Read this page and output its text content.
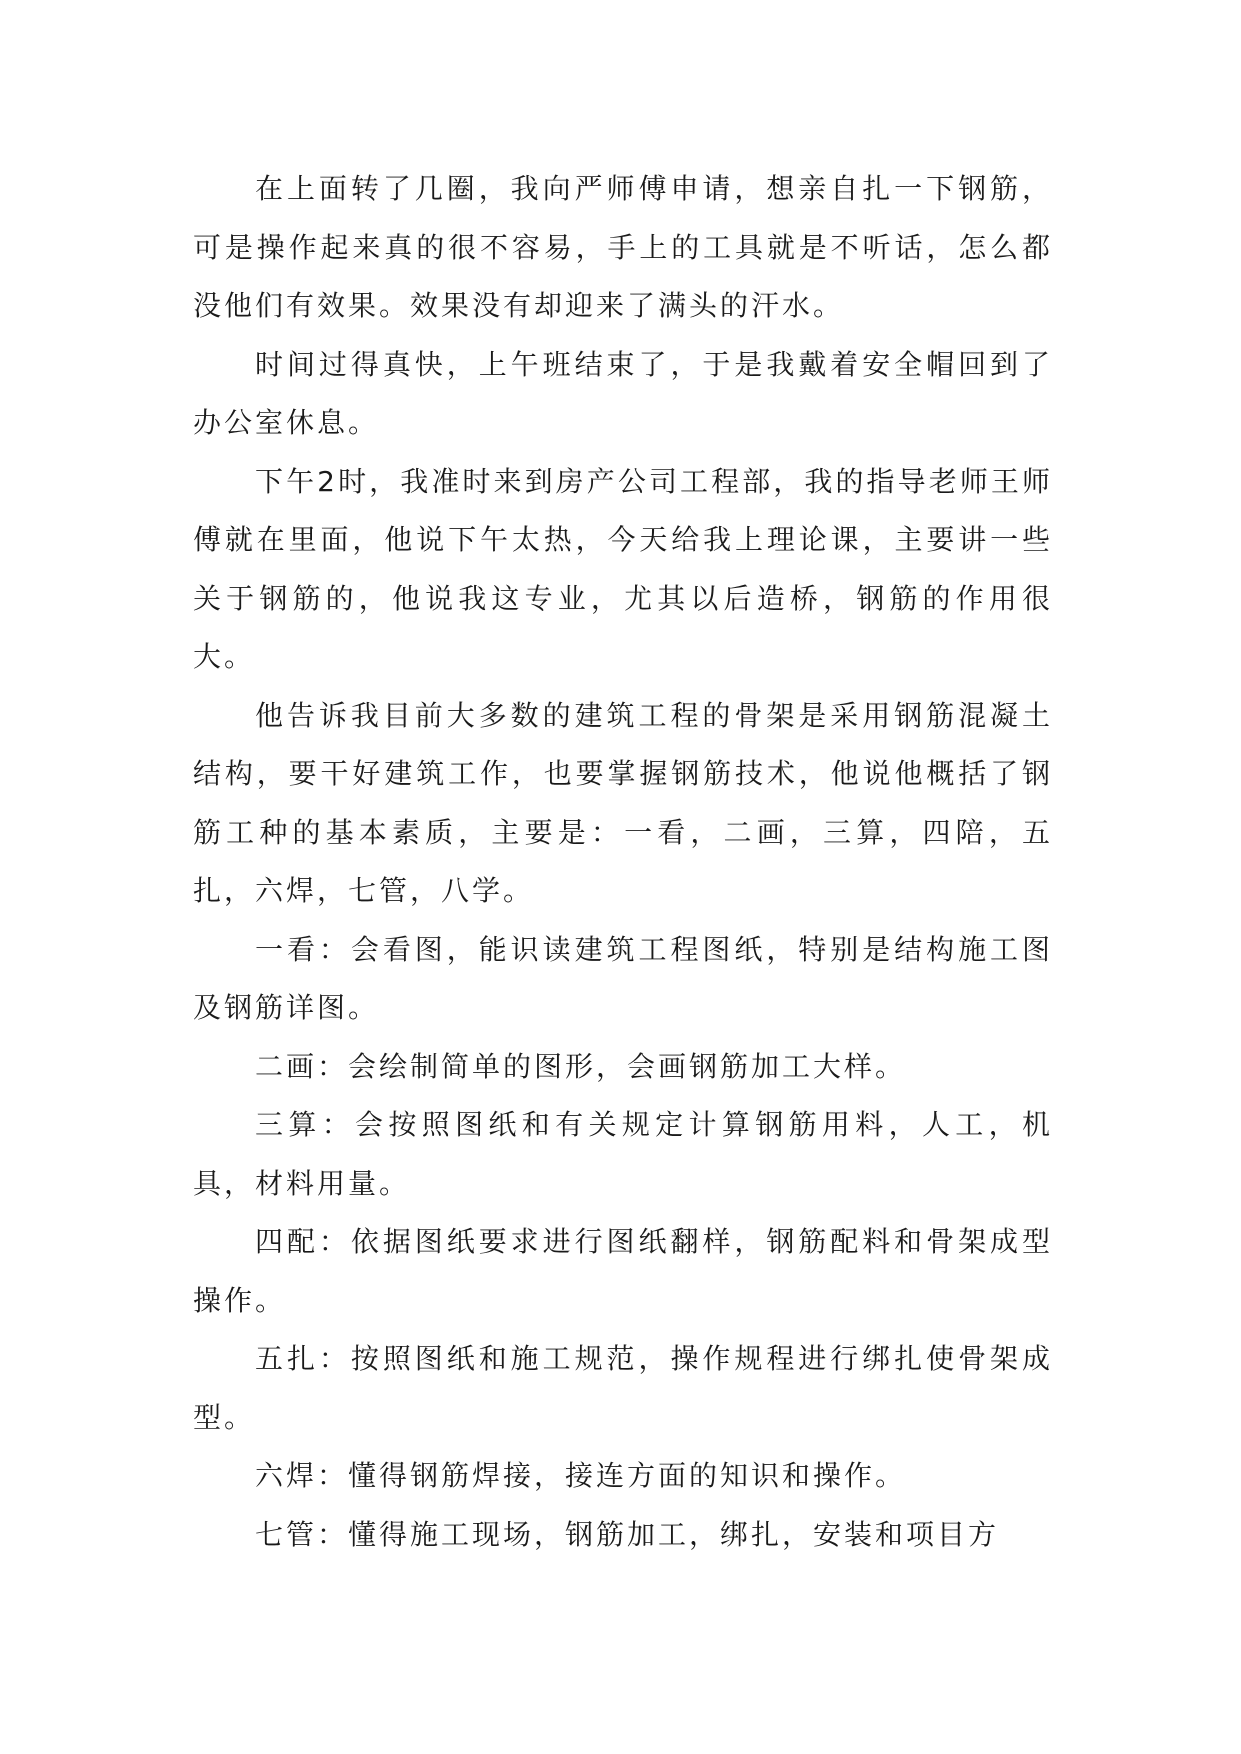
在上面转了几圈，我向严师傅申请，想亲自扎一下钢筋，可是操作起来真的很不容易，手上的工具就是不听话，怎么都没他们有效果。效果没有却迎来了满头的汗水。

时间过得真快，上午班结束了，于是我戴着安全帽回到了办公室休息。

下午2时，我准时来到房产公司工程部，我的指导老师王师傅就在里面，他说下午太热，今天给我上理论课，主要讲一些关于钢筋的，他说我这专业，尤其以后造桥，钢筋的作用很大。

他告诉我目前大多数的建筑工程的骨架是采用钢筋混凝土结构，要干好建筑工作，也要掌握钢筋技术，他说他概括了钢筋工种的基本素质，主要是：一看，二画，三算，四陪，五扎，六焊，七管，八学。

一看：会看图，能识读建筑工程图纸，特别是结构施工图及钢筋详图。

二画：会绘制简单的图形，会画钢筋加工大样。

三算：会按照图纸和有关规定计算钢筋用料，人工，机具，材料用量。

四配：依据图纸要求进行图纸翻样，钢筋配料和骨架成型操作。

五扎：按照图纸和施工规范，操作规程进行绑扎使骨架成型。

六焊：懂得钢筋焊接，接连方面的知识和操作。

七管：懂得施工现场，钢筋加工，绑扎，安装和项目方
